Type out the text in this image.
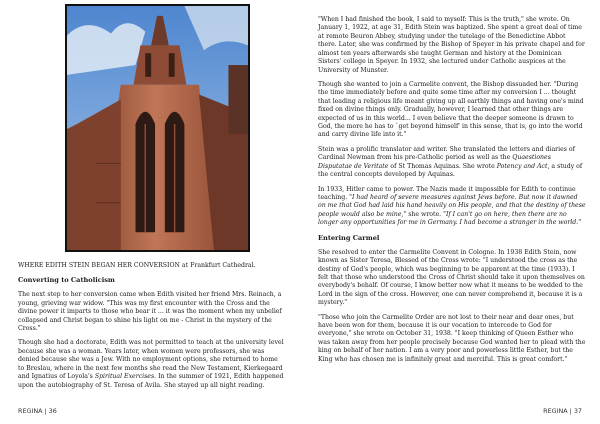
WHERE EDITH STEIN BEGAN HER CONVERSION at Frankfurt Cathedral.

Converting to Catholicism

The next step to her conversion came when Edith visited her friend Mrs. Reinach, a young, grieving war widow. "This was my first encounter with the Cross and the divine power it imparts to those who bear it ... it was the moment when my unbelief collapsed and Christ began to shine his light on me - Christ in the mystery of the Cross."

Though she had a doctorate, Edith was not permitted to teach at the university level because she was a woman. Years later, when women were professors, she was denied because she was a Jew. With no employment options, she returned to home to Breslau, where in the next few months she read the New Testament, Kierkegaard and Ignatius of Loyola's Spiritual Exercises. In the summer of 1921, Edith happened upon the autobiography of St. Teresa of Avila. She stayed up all night reading.

REGINA | 36

"When I had finished the book, I said to myself: This is the truth," she wrote. On January 1, 1922, at age 31, Edith Stein was baptized. She spent a great deal of time at remote Beuron Abbey, studying under the tutelage of the Benedictine Abbot there. Later, she was confirmed by the Bishop of Speyer in his private chapel and for almost ten years afterwards she taught German and history at the Dominican Sisters' college in Speyer. In 1932, she lectured under Catholic auspices at the University of Munster.

Though she wanted to join a Carmelite convent, the Bishop dissuaded her. "During the time immediately before and quite some time after my conversion I ... thought that leading a religious life meant giving up all earthly things and having one's mind fixed on divine things only. Gradually, however, I learned that other things are expected of us in this world... I even believe that the deeper someone is drawn to God, the more he has to `get beyond himself' in this sense, that is, go into the world and carry divine life into it."

Stein was a prolific translator and writer. She translated the letters and diaries of Cardinal Newman from his pre-Catholic period as well as the Quaestiones Disputatae de Veritate of St Thomas Aquinas. She wrote Potency and Act, a study of the central concepts developed by Aquinas.

In 1933, Hitler came to power. The Nazis made it impossible for Edith to continue teaching. "I had heard of severe measures against Jews before. But now it dawned on me that God had laid his hand heavily on His people, and that the destiny of these people would also be mine," she wrote. "If I can't go on here, then there are no longer any opportunities for me in Germany. I had become a stranger in the world."

Entering Carmel

She resolved to enter the Carmelite Convent in Cologne. In 1938 Edith Stein, now known as Sister Teresa, Blessed of the Cross wrote: "I understood the cross as the destiny of God's people, which was beginning to be apparent at the time (1933). I felt that those who understood the Cross of Christ should take it upon themselves on everybody's behalf. Of course, I know better now what it means to be wedded to the Lord in the sign of the cross. However, one can never comprehend it, because it is a mystery."

"Those who join the Carmelite Order are not lost to their near and dear ones, but have been won for them, because it is our vocation to intercede to God for everyone," she wrote on October 31, 1938. "I keep thinking of Queen Esther who was taken away from her people precisely because God wanted her to plead with the king on behalf of her nation. I am a very poor and powerless little Esther, but the King who has chosen me is infinitely great and merciful. This is great comfort."

REGINA | 37
